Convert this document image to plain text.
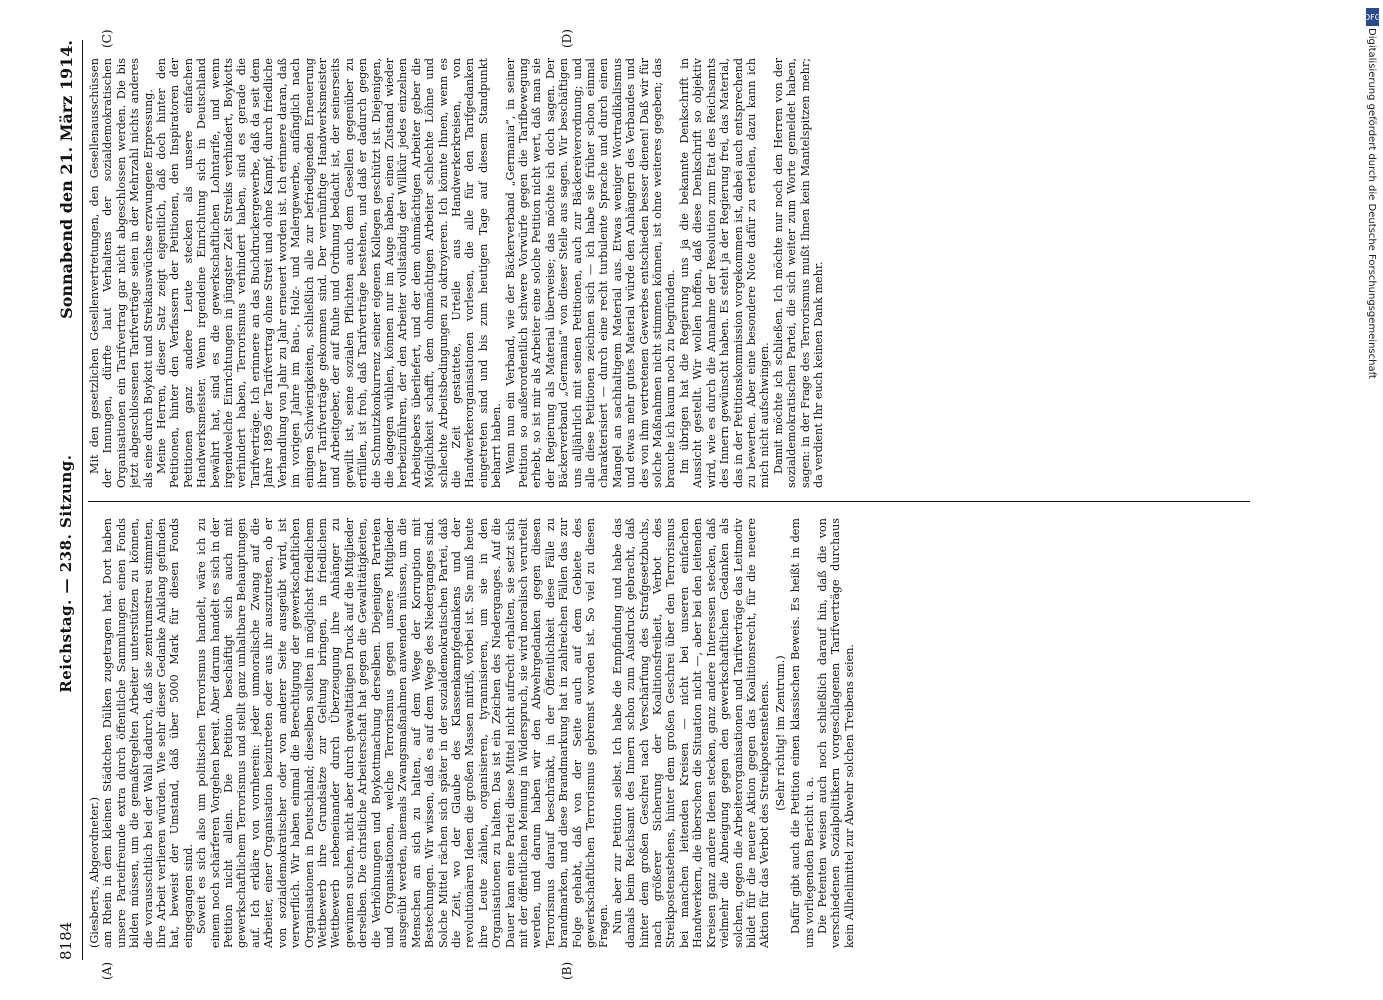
8184
Reichstag. — 238. Sitzung.
Sonnabend den 21. März 1914.
(A)	(B)
(C)	(D)

(Giesberts, Abgeordneter.) am Rhein in dem kleinen Städtchen Dülken zugetragen hat. Dort haben unsere Parteifreunde extra durch öffentliche Sammlungen einen Fonds bilden müssen, um die gemaßregelten Arbeiter unterstützen zu können, die vorausschtlich bei der Wahl dadurch, daß sie zentrumstreu stimmten, ihre Arbeit verlieren würden. Wie sehr dieser Gedanke Anklang gefunden hat, beweist der Umstand, daß über 5000 Mark für diesen Fonds eingegangen sind. Soweit es sich also um politischen Terrorismus handelt, wäre ich zu einem noch schärferen Vorgehen bereit. Aber darum handelt es sich in der Petition nicht allein. Die Petition beschäftigt sich auch mit gewerkschaftlichem Terrorismus und stellt ganz unhaltbare Behauptungen auf. Ich erkläre von vornherein: jeder unmoralische Zwang auf die Arbeiter, einer Organisation beizutreten oder aus ihr auszutreten, ob er von sozialdemokratischer oder von anderer Seite ausgeübt wird, ist verwerflich. Wir haben einmal die Berechtigung der gewerkschaftlichen Organisationen in Deutschland; dieselben sollten in möglichst friedlichem Wettbewerb ihre Grundsätze zur Geltung bringen, in friedlichem Wettbewerb nebeneinander durch Überzeugung ihre Anhänger zu gewinnen suchen, nicht aber durch gewalttätigen Druck auf die Mitglieder derselben. Die christliche Arbeiterschaft hat gegen die Gewalttätigkeiten, die Verhöhnungen und Boykottmachung derselben. Diejenigen Parteien und Organisationen, welche Terrorismus gegen unsere Mitglieder ausgeübt werden, niemals Zwangsmaßnahmen anwenden müssen, um die Menschen an sich zu halten, auf dem Wege der Korruption mit Bestechungen. Wir wissen, daß es auf dem Wege des Niederganges sind. Solche Mittel rächen sich später in der sozialdemokratischen Partei, daß die Zeit, wo der Glaube des Klassenkampfgedankens und der revolutionären Ideen die großen Massen mitriß, vorbei ist. Sie muß heute ihre Leute zählen, organisieren, tyrannisieren, um sie in den Organisationen zu halten. Das ist ein Zeichen des Niederganges. Auf die Dauer kann eine Partei diese Mittel nicht aufrecht erhalten, sie setzt sich mit der öffentlichen Meinung in Widerspruch, sie wird moralisch verurteilt werden, und darum haben wir den Abwehrgedanken gegen diesen Terrorismus darauf beschränkt, in der Öffentlichkeit diese Fälle zu brandmarken, und diese Brandmarkung hat in zahlreichen Fällen das zur Folge gehabt, daß von der Seite auch auf dem Gebiete des gewerkschaftlichen Terrorismus gebremst worden ist. So viel zu diesen Fragen. Nun aber zur Petition selbst. Ich habe die Empfindung und habe das damals beim Reichsamt des Innern schon zum Ausdruck gebracht, daß hinter dem großen Geschrei nach Verschärfung des Strafgesetzbuchs, nach größerer Sicherung der Koalitionsfreiheit, Verbot des Streikpostenstehens, hinter dem großen Geschrei über den Terrorismus bei manchen leitenden Kreisen — nicht bei unseren einfachen Handwerkern, die überschen die Situation nicht —, aber bei den leitenden Kreisen ganz andere Ideen stecken, ganz andere Interessen stecken, daß vielmehr die Abneigung gegen den gewerkschaftlichen Gedanken als solchen, gegen die Arbeiterorganisationen und Tarifverträge das Leitmotiv bildet für die neuere Aktion gegen das Koalitionsrecht, für die neuere Aktion für das Verbot des Streikpostenstehens. (Sehr richtig! im Zentrum.) Dafür gibt auch die Petition einen klassischen Beweis. Es heißt in dem uns vorliegenden Bericht u. a. Die Petenten weisen auch noch schließlich darauf hin, daß die von verschiedenen Sozialpolitikern vorgeschlagenen Tarifverträge durchaus kein Allheilmittel zur Abwehr solchen Treibens seien.

Mit den gesetzlichen Gesellenvertretungen, den Gesellenausschüssen der Innungen, dürfte laut Verhaltens der sozialdemokratischen Organisationen ein Tarifvertrag gar nicht abgeschlossen werden. Die bis jetzt abgeschlossenen Tarifverträge seien in der Mehrzahl nichts anderes als eine durch Boykott und Streikauswüchse erzwungene Erpressung. Meine Herren, dieser Satz zeigt eigentlich, daß doch hinter den Petitionen, hinter den Verfassern der Petitionen, den Inspiratoren der Petitionen ganz andere Leute stecken als unsere einfachen Handwerksmeister. Wenn irgendeine Einrichtung sich in Deutschland bewährt hat, sind es die gewerkschaftlichen Lohntarife, und wenn irgendwelche Einrichtungen in jüngster Zeit Streiks verhindert, Boykotts verhindert haben, Terrorismus verhindert haben, sind es gerade die Tarifverträge. Ich erinnere an das Buchdruckergewerbe, daß da seit dem Jahre 1895 der Tarifvertrag ohne Streit und ohne Kampf, durch friedliche Verhandlung von Jahr zu Jahr erneuert worden ist. Ich erinnere daran, daß im vorigen Jahre im Bau-, Holz- und Malergewerbe, anfänglich nach einigen Schwierigkeiten, schließlich alle zur befriedigenden Erneuerung ihrer Tarifverträge gekommen sind. Der vernünftige Handwerksmeister und Arbeitgeber, der auf Ruhe und Ordnung bedacht ist, der seinerseits gewillt ist, seine sozialen Pflichten auch dem Gesellen gegenüber zu erfüllen, ist froh, daß Tarifverträge bestehen, und daß er dadurch gegen die Schmutzkonkurrenz seiner eigenen Kollegen geschützt ist. Diejenigen, die dagegen wühlen, können nur im Auge haben, einen Zustand wieder herbeizuführen, der den Arbeiter vollständig der Willkür jedes einzelnen Arbeitgebers überliefert, und der dem ohnmächtigen Arbeiter geber die Möglichkeit schafft, dem ohnmächtigen Arbeiter schlechte Löhne und schlechte Arbeitsbedingungen zu oktroyieren. Ich könnte Ihnen, wenn es die Zeit gestattete, Urteile aus Handwerkerkreisen, von Handwerkerorganisationen vorlesen, die alle für den Tarifgedanken eingetreten sind und bis zum heutigen Tage auf diesem Standpunkt beharrt haben. Wenn nun ein Verband, wie der Bäckerverband „Germania“, in seiner Petition so außerordentlich schwere Vorwürfe gegen die Tarifbewegung erhebt, so ist mir als Arbeiter eine solche Petition nicht wert, daß man sie der Regierung als Material überweise; das möchte ich doch sagen. Der Bäckerverband „Germania“ von dieser Stelle aus sagen. Wir beschäftigen uns alljährlich mit seinen Petitionen, auch zur Bäckereiverordnung; und alle diese Petitionen zeichnen sich — ich habe sie früher schon einmal charakterisiert — durch eine recht turbulente Sprache und durch einen Mangel an sachhaltigem Material aus. Etwas weniger Wortradikalismus und etwas mehr gutes Material würde den Anhängern des Verbandes und des von ihm vertretenen Gewerbes entschieden besser dienen! Daß wir für solche Maßnahmen nicht stimmen können, ist ohne weiteres gegeben; das brauche ich kaum noch zu begründen. Im übrigen hat die Regierung uns ja die bekannte Denkschrift in Aussicht gestellt. Wir wollen hoffen, daß diese Denkschrift so objektiv wird, wie es durch die Annahme der Resolution zum Etat des Reichsamts des Innern gewünscht haben. Es steht ja der Regierung frei, das Material, das in der Petitionskommission vorgekommen ist, dabei auch entsprechend zu bewerten. Aber eine besondere Note dafür zu erteilen, dazu kann ich mich nicht aufschwingen. Damit möchte ich schließen. Ich möchte nur noch den Herren von der sozialdemokratischen Partei, die sich weiter zum Worte gemeldet haben, sagen: in der Frage des Terrorismus mußt Ihnen kein Mantelspitzen mehr; da verdient Ihr euch keinen Dank mehr.

DFG
Digitalisierung gefördert durch die Deutsche Forschungsgemeinschaft
